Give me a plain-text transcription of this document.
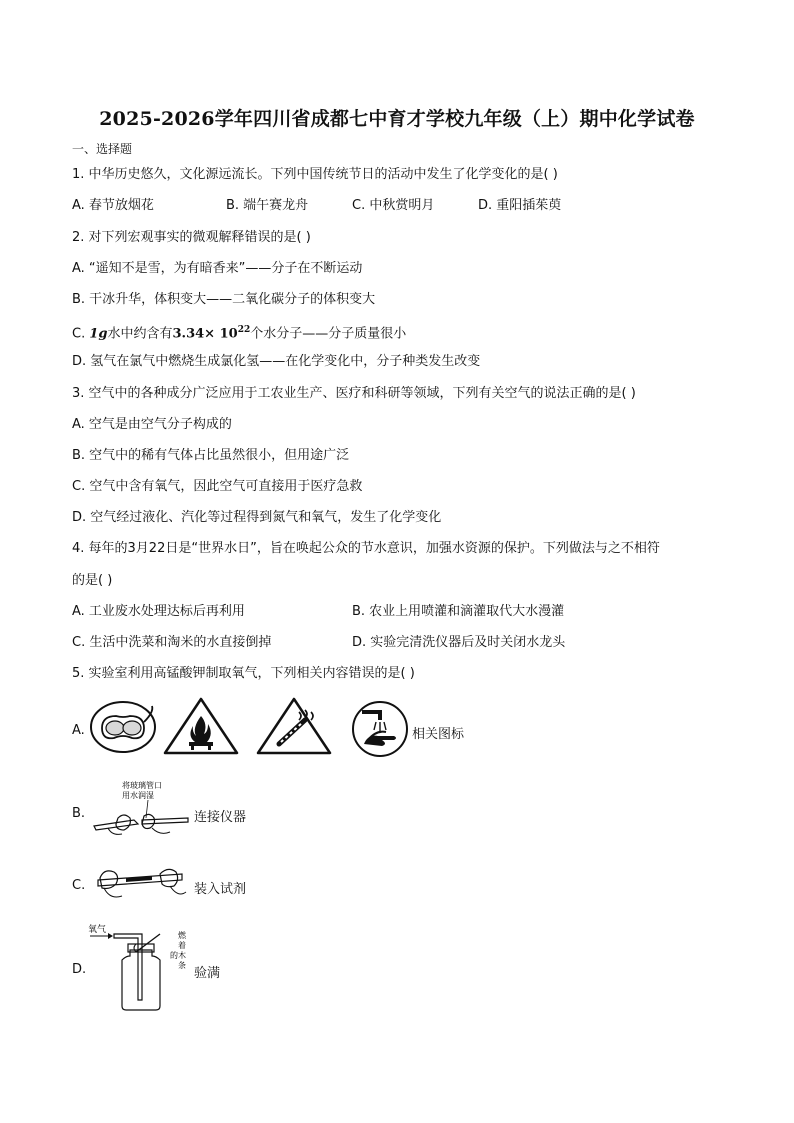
2025-2026学年四川省成都七中育才学校九年级（上）期中化学试卷
一、选择题
1. 中华历史悠久，文化源远流长。下列中国传统节日的活动中发生了化学变化的是( )
A. 春节放烟花	B. 端午赛龙舟	C. 中秋赏明月	D. 重阳插茱萸
2. 对下列宏观事实的微观解释错误的是( )
A. “遥知不是雪，为有暗香来”——分子在不断运动
B. 干冰升华，体积变大——二氧化碳分子的体积变大
C. 1g水中约含有$3.34\times 10^{22}$个水分子——分子质量很小
D. 氢气在氯气中燃烧生成氯化氢——在化学变化中，分子种类发生改变
3. 空气中的各种成分广泛应用于工农业生产、医疗和科研等领域，下列有关空气的说法正确的是( )
A. 空气是由空气分子构成的
B. 空气中的稀有气体占比虽然很小，但用途广泛
C. 空气中含有氧气，因此空气可直接用于医疗急救
D. 空气经过液化、汽化等过程得到氮气和氧气，发生了化学变化
4. 每年的3月22日是“世界水日”，旨在唤起公众的节水意识，加强水资源的保护。下列做法与之不相符
的是( )
A. 工业废水处理达标后再利用	B. 农业上用喷灌和滴灌取代大水漫灌
C. 生活中洗菜和淘米的水直接倒掉	D. 实验完清洗仪器后及时关闭水龙头
5. 实验室利用高锰酸钾制取氧气，下列相关内容错误的是( )
A.	相关图标
B.
将玻璃管口
用水润湿
连接仪器
C.	装入试剂
D.
氧气
燃
着
的 木
条
验满
